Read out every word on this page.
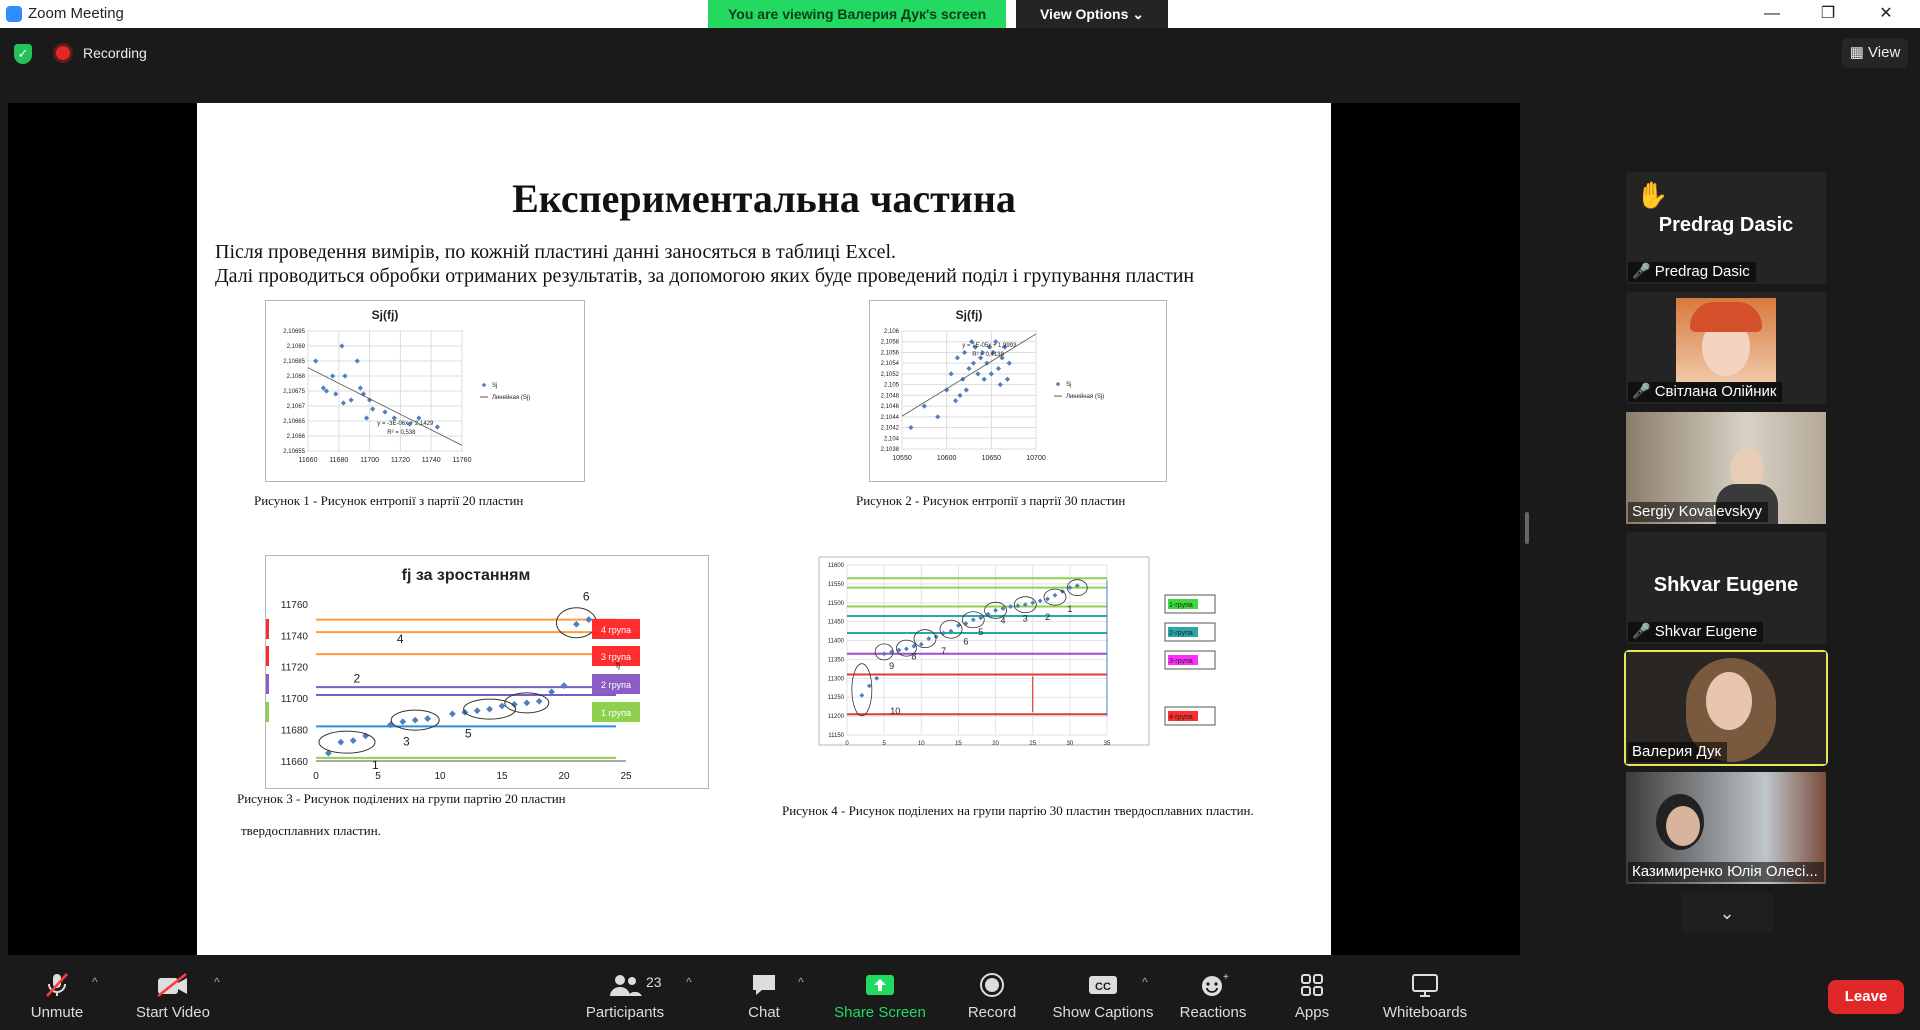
Zoom Meeting	You are viewing Валерия Дук's screen	View Options ⌄	—	❐	✕
✓	Recording	▦ View
Експериментальна частина
Після проведення вимірів, по кожній пластині данні заносяться в таблиці Excel.
Далі проводиться обробки отриманих результатів, за допомогою яких буде проведений поділ і групування пластин
Sj(fj)
11660 11680 11700 11720 11740 11760
2,10695
2,1069
2,10685
2,1068
2,10675
2,1067
2,10665
2,1066
2,10655
y = -3E-06x + 2,1429
R² = 0,538
Sj
Линейная (Sj)
Рисунок 1 - Рисунок ентропії з партії 20 пластин
Sj(fj)
10550	10600	10650	10700
2,106
2,1058
2,1056
2,1054
2,1052
2,105
2,1048
2,1046
2,1044
2,1042
2,104
2,1038
y = 1E-05x + 1,9993
R² = 0,4138
Sj
Линейная (Sj)
Рисунок 2 - Рисунок ентропії з партії 30 пластин
fj за зростанням
0	5	10	15	20	25
11760
11740
11720
11700
11680
11660	1
2
3
4
5
6
4 група
3 група
2 група
1 група
fj
Рисунок 3 - Рисунок поділених на групи партію 20 пластин
твердосплавних пластин.
0	5	10	15	20	25	30	35
11600
11550
11500
11450
11400
11350
11300
11250
11200
11150
1
2
3
4
5
6
7
8
9
10
1-група
2-група
3-група
4-група
Рисунок 4 - Рисунок поділених на групи партію 30 пластин твердосплавних пластин.
✋
Predrag Dasic
🎤 Predrag Dasic
🎤 Світлана Олійник
Sergiy Kovalevskyy
Shkvar Eugene
🎤 Shkvar Eugene
Валерия Дук
Казимиренко Юлія Олесі...
⌄
Unmute
^
Start Video
^
Participants
23 ^
Chat
^
Share Screen	Record
CC
Show Captions
^	+
Reactions	Apps	Whiteboards
Leave
